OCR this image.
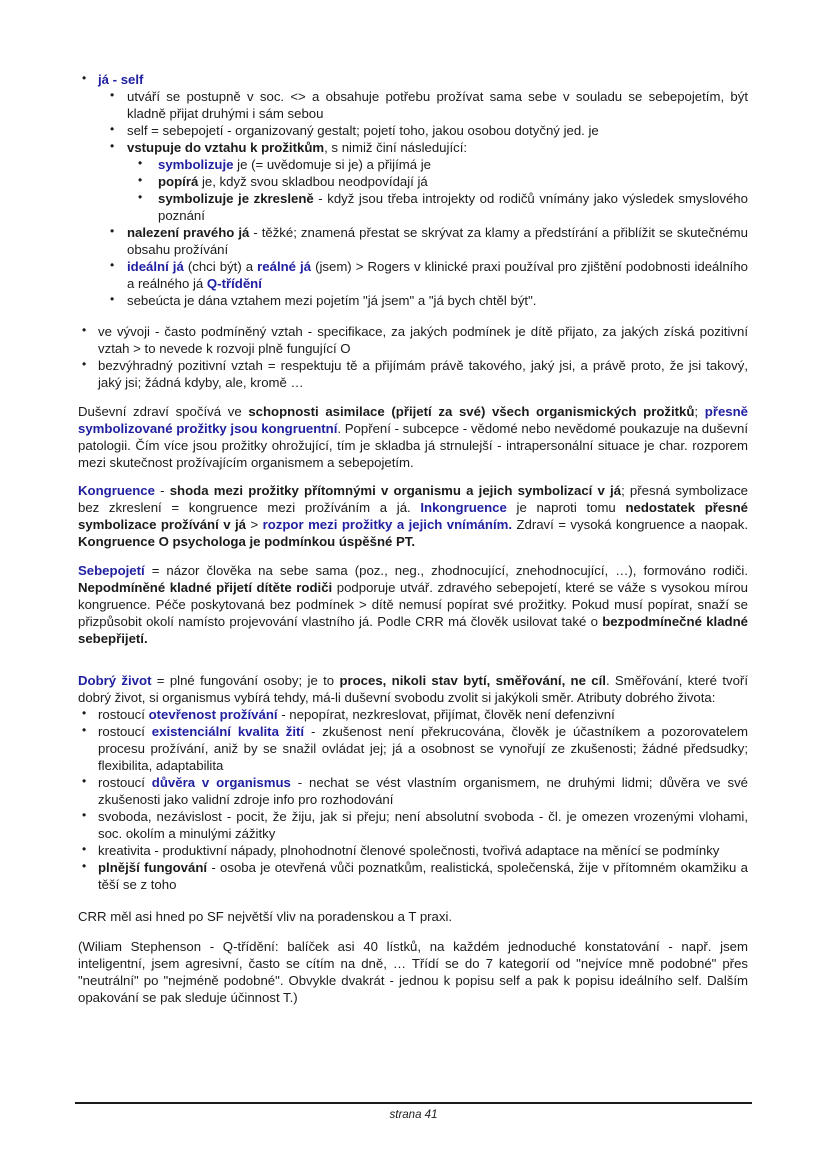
• já - self
• utváří se postupně v soc. <> a obsahuje potřebu prožívat sama sebe v souladu se sebepojetím, být kladně přijat druhými i sám sebou
• self = sebepojetí - organizovaný gestalt; pojetí toho, jakou osobou dotyčný jed. je
• vstupuje do vztahu k prožitkům, s nimiž činí následující:
• symbolizuje je (= uvědomuje si je) a přijímá je
• popírá je, když svou skladbou neodpovídají já
• symbolizuje je zkresleně - když jsou třeba introjekty od rodičů vnímány jako výsledek smyslového poznání
• nalezení pravého já - těžké; znamená přestat se skrývat za klamy a předstírání a přiblížit se skutečnému obsahu prožívání
• ideální já (chci být) a reálné já (jsem) > Rogers v klinické praxi používal pro zjištění podobnosti ideálního a reálného já Q-třídění
• sebeúcta je dána vztahem mezi pojetím "já jsem" a "já bych chtěl být".
• ve vývoji - často podmíněný vztah - specifikace, za jakých podmínek je dítě přijato, za jakých získá pozitivní vztah > to nevede k rozvoji plně fungující O
• bezvýhradný pozitivní vztah = respektuju tě a přijímám právě takového, jaký jsi, a právě proto, že jsi takový, jaký jsi; žádná kdyby, ale, kromě …

Duševní zdraví spočívá ve schopnosti asimilace (přijetí za své) všech organismických prožitků; přesně symbolizované prožitky jsou kongruentní. Popření - subcepce - vědomé nebo nevědomé poukazuje na duševní patologii. Čím více jsou prožitky ohrožující, tím je skladba já strnulejší - intrapersonální situace je char. rozporem mezi skutečnost prožívajícím organismem a sebepojetím.

Kongruence - shoda mezi prožitky přítomnými v organismu a jejich symbolizací v já; přesná symbolizace bez zkreslení = kongruence mezi prožíváním a já. Inkongruence je naproti tomu nedostatek přesné symbolizace prožívání v já > rozpor mezi prožitky a jejich vnímáním. Zdraví = vysoká kongruence a naopak. Kongruence O psychologa je podmínkou úspěšné PT.

Sebepojetí = názor člověka na sebe sama (poz., neg., zhodnocující, znehodnocující, …), formováno rodiči. Nepodmíněné kladné přijetí dítěte rodiči podporuje utvář. zdravého sebepojetí, které se váže s vysokou mírou kongruence. Péče poskytovaná bez podmínek > dítě nemusí popírat své prožitky. Pokud musí popírat, snaží se přizpůsobit okolí namísto projevování vlastního já. Podle CRR má člověk usilovat také o bezpodmínečné kladné sebepřijetí.

Dobrý život = plné fungování osoby; je to proces, nikoli stav bytí, směřování, ne cíl. Směřování, které tvoří dobrý život, si organismus vybírá tehdy, má-li duševní svobodu zvolit si jakýkoli směr. Atributy dobrého života:

• rostoucí otevřenost prožívání - nepopírat, nezkreslovat, přijímat, člověk není defenzivní
• rostoucí existenciální kvalita žití - zkušenost není překrucována, člověk je účastníkem a pozorovatelem procesu prožívání, aniž by se snažil ovládat jej; já a osobnost se vynořují ze zkušenosti; žádné předsudky; flexibilita, adaptabilita
• rostoucí důvěra v organismus - nechat se vést vlastním organismem, ne druhými lidmi; důvěra ve své zkušenosti jako validní zdroje info pro rozhodování
• svoboda, nezávislost - pocit, že žiju, jak si přeju; není absolutní svoboda - čl. je omezen vrozenými vlohami, soc. okolím a minulými zážitky
• kreativita - produktivní nápady, plnohodnotní členové společnosti, tvořivá adaptace na měnící se podmínky
• plnější fungování - osoba je otevřená vůči poznatkům, realistická, společenská, žije v přítomném okamžiku a těší se z toho

CRR měl asi hned po SF největší vliv na poradenskou a T praxi.

(Wiliam Stephenson - Q-třídění: balíček asi 40 lístků, na každém jednoduché konstatování - např. jsem inteligentní, jsem agresivní, často se cítím na dně, … Třídí se do 7 kategorií od "nejvíce mně podobné" přes "neutrální" po "nejméně podobné". Obvykle dvakrát - jednou k popisu self a pak k popisu ideálního self. Dalším opakování se pak sleduje účinnost T.)

strana 41
